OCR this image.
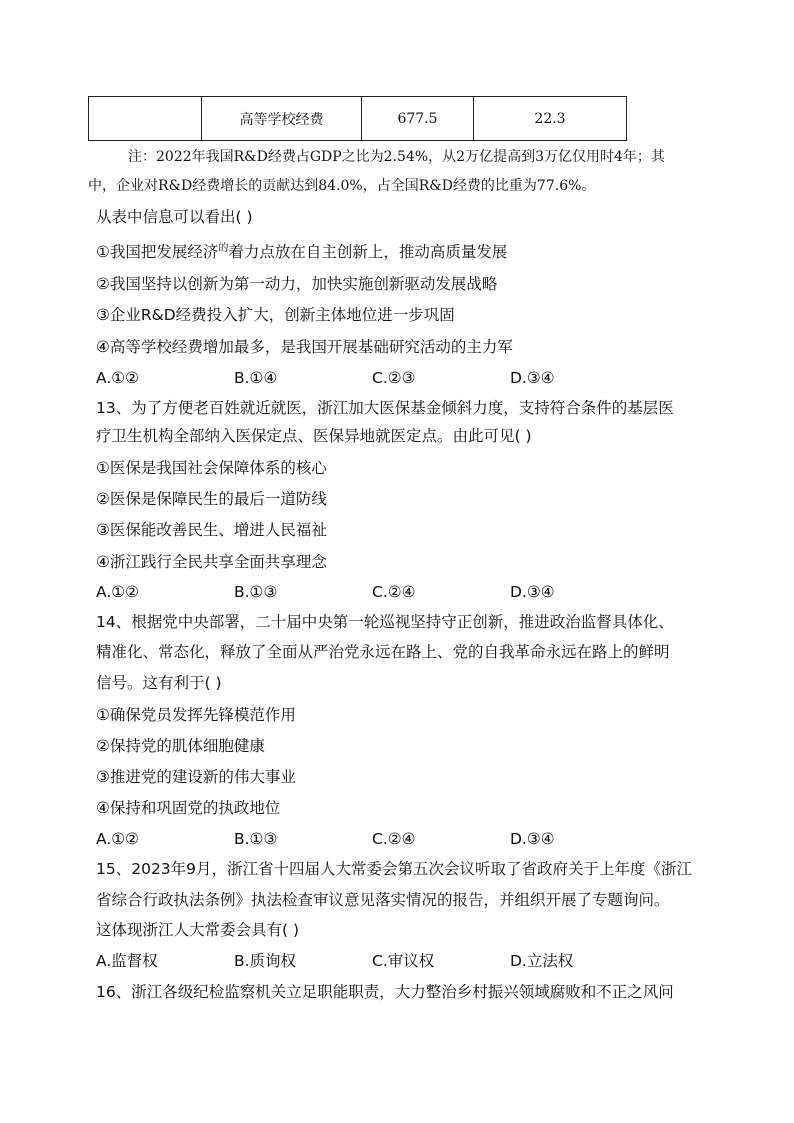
	高等学校经费	677.5	22.3
注：2022年我国R&D经费占GDP之比为2.54%，从2万亿提高到3万亿仅用时4年；其
中，企业对R&D经费增长的贡献达到84.0%，占全国R&D经费的比重为77.6%。
从表中信息可以看出( )
①我国把发展经济$^的$着力点放在自主创新上，推动高质量发展
②我国坚持以创新为第一动力，加快实施创新驱动发展战略
③企业R&D经费投入扩大，创新主体地位进一步巩固
④高等学校经费增加最多，是我国开展基础研究活动的主力军
A.①②	B.①④	C.②③	D.③④
13、为了方便老百姓就近就医，浙江加大医保基金倾斜力度，支持符合条件的基层医
疗卫生机构全部纳入医保定点、医保异地就医定点。由此可见( )
①医保是我国社会保障体系的核心
②医保是保障民生的最后一道防线
③医保能改善民生、增进人民福祉
④浙江践行全民共享全面共享理念
A.①②	B.①③	C.②④	D.③④
14、根据党中央部署，二十届中央第一轮巡视坚持守正创新，推进政治监督具体化、
精准化、常态化，释放了全面从严治党永远在路上、党的自我革命永远在路上的鲜明
信号。这有利于( )
①确保党员发挥先锋模范作用
②保持党的肌体细胞健康
③推进党的建设新的伟大事业
④保持和巩固党的执政地位
A.①②	B.①③	C.②④	D.③④
15、2023年9月，浙江省十四届人大常委会第五次会议听取了省政府关于上年度《浙江
省综合行政执法条例》执法检查审议意见落实情况的报告，并组织开展了专题询问。
这体现浙江人大常委会具有( )
A.监督权	B.质询权	C.审议权	D.立法权
16、浙江各级纪检监察机关立足职能职责，大力整治乡村振兴领域腐败和不正之风问
